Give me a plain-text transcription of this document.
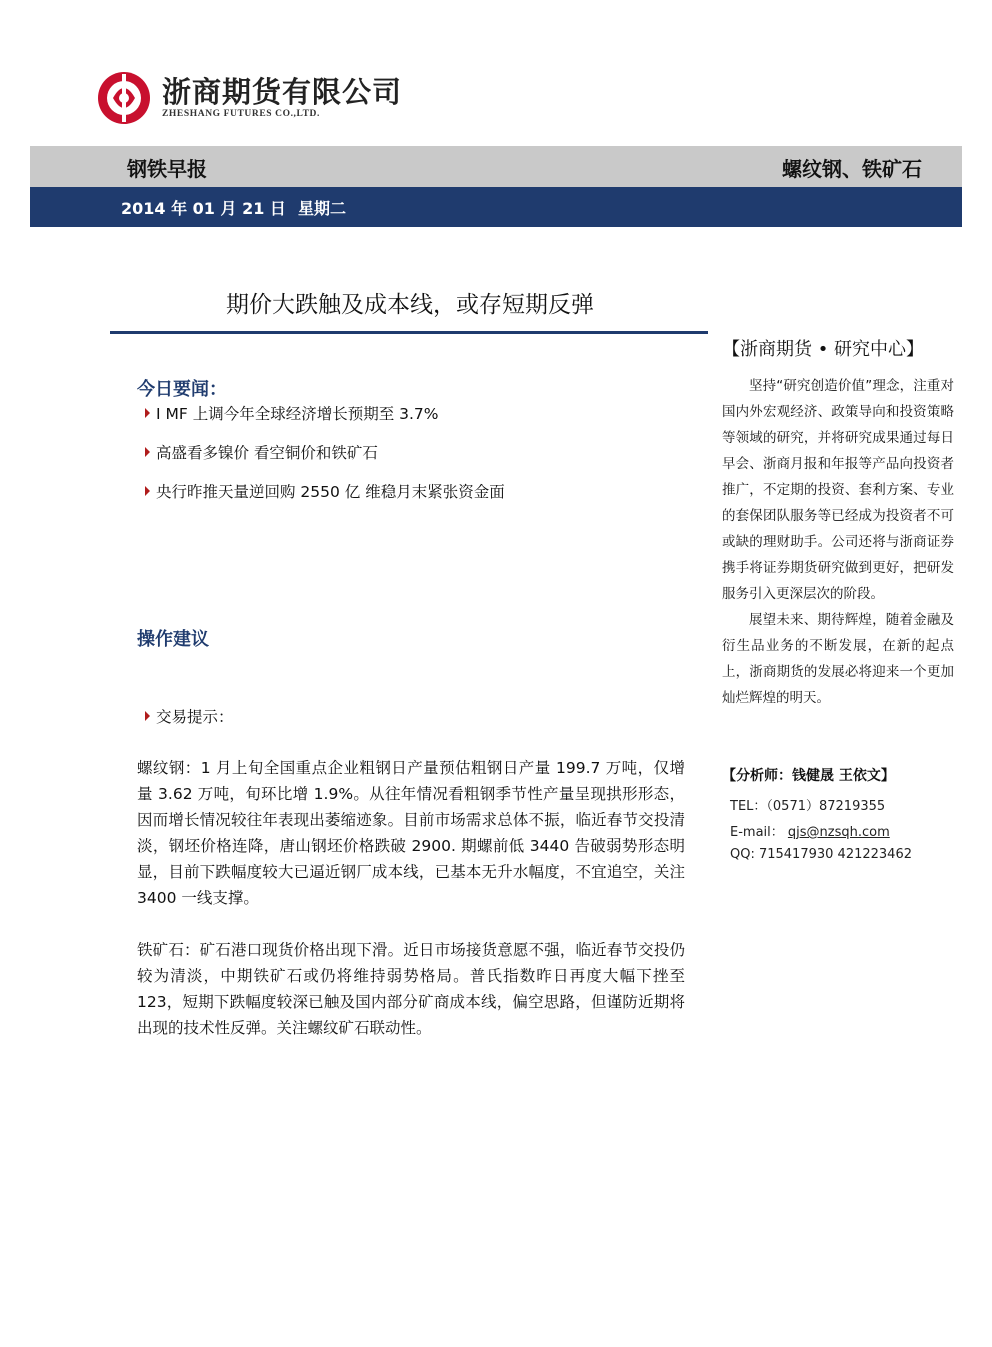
浙商期货有限公司
ZHESHANG FUTURES CO.,LTD.
钢铁早报	螺纹钢、铁矿石
2014 年 01 月 21 日 星期二
期价大跌触及成本线，或存短期反弹
今日要闻：
I MF 上调今年全球经济增长预期至 3.7%
高盛看多镍价 看空铜价和铁矿石
央行昨推天量逆回购 2550 亿 维稳月末紧张资金面
操作建议
交易提示：
螺纹钢：1 月上旬全国重点企业粗钢日产量预估粗钢日产量 199.7 万吨，仅增量 3.62 万吨，旬环比增 1.9%。从往年情况看粗钢季节性产量呈现拱形形态，因而增长情况较往年表现出萎缩迹象。目前市场需求总体不振，临近春节交投清淡，钢坯价格连降，唐山钢坯价格跌破 2900. 期螺前低 3440 告破弱势形态明显，目前下跌幅度较大已逼近钢厂成本线，已基本无升水幅度，不宜追空，关注 3400 一线支撑。
铁矿石：矿石港口现货价格出现下滑。近日市场接货意愿不强，临近春节交投仍较为清淡，中期铁矿石或仍将维持弱势格局。普氏指数昨日再度大幅下挫至 123，短期下跌幅度较深已触及国内部分矿商成本线，偏空思路，但谨防近期将出现的技术性反弹。关注螺纹矿石联动性。
【浙商期货 • 研究中心】

坚持“研究创造价值”理念，注重对国内外宏观经济、政策导向和投资策略等领域的研究，并将研究成果通过每日早会、浙商月报和年报等产品向投资者推广，不定期的投资、套利方案、专业的套保团队服务等已经成为投资者不可或缺的理财助手。公司还将与浙商证券携手将证券期货研究做到更好，把研发服务引入更深层次的阶段。

展望未来、期待辉煌，随着金融及衍生品业务的不断发展，在新的起点上，浙商期货的发展必将迎来一个更加灿烂辉煌的明天。

【分析师：钱健晟 王依文】
TEL：（0571）87219355
E-mail： qjs@nzsqh.com
QQ: 715417930 421223462
